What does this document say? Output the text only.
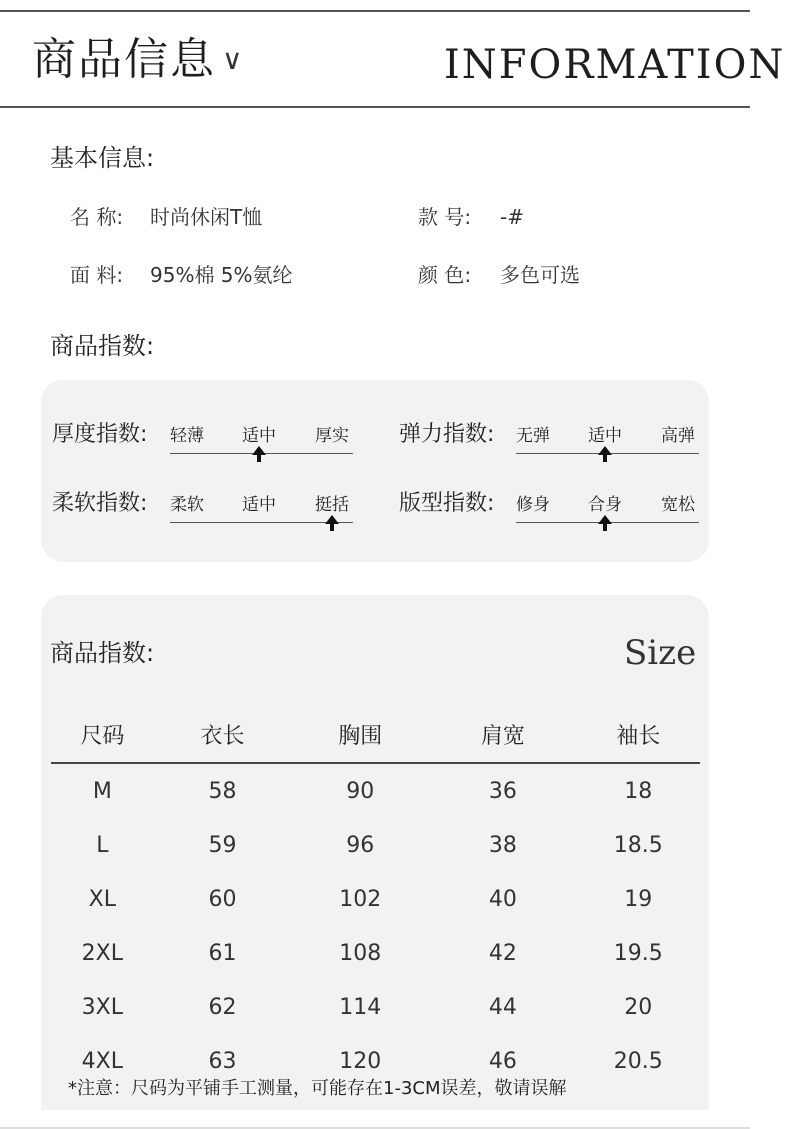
商品信息 ∨	INFORMATION
基本信息:
名 称: 时尚休闲T恤	款 号: -#
面 料: 95%棉 5%氨纶	颜 色: 多色可选
商品指数:
厚度指数: 轻薄 适中 厚实 弹力指数: 无弹 适中 高弹
柔软指数: 柔软 适中 挺括 版型指数: 修身 合身 宽松
商品指数:	Size
尺码	衣长	胸围	肩宽	袖长
M	58	90	36	18
L	59	96	38	18.5
XL	60	102	40	19
2XL	61	108	42	19.5
3XL	62	114	44	20
4XL	63	120	46	20.5
*注意：尺码为平铺手工测量，可能存在1-3CM误差，敬请误解
